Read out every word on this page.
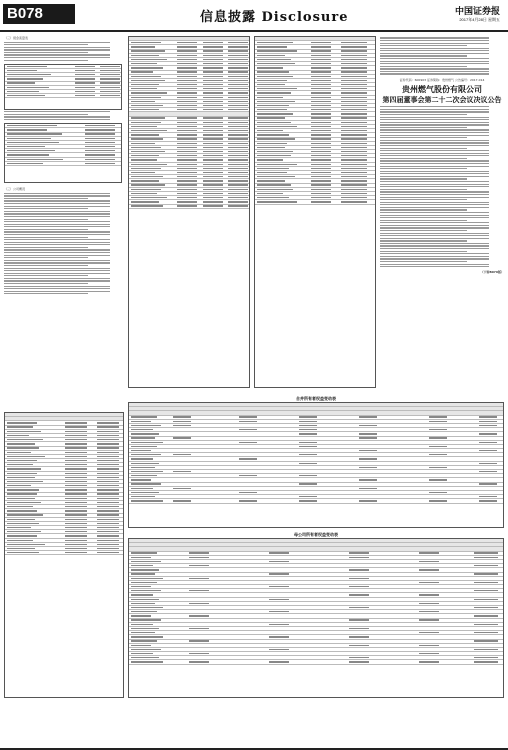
B078	信息披露 Disclosure	中国证券报
2017年4月28日 星期五
（三）现金流量表
（三）公司概况
证券代码：600903 证券简称：贵州燃气 公告编号：2017-014
贵州燃气股份有限公司
第四届董事会第二十二次会议决议公告
（下转B079版）
合并所有者权益变动表
母公司所有者权益变动表
